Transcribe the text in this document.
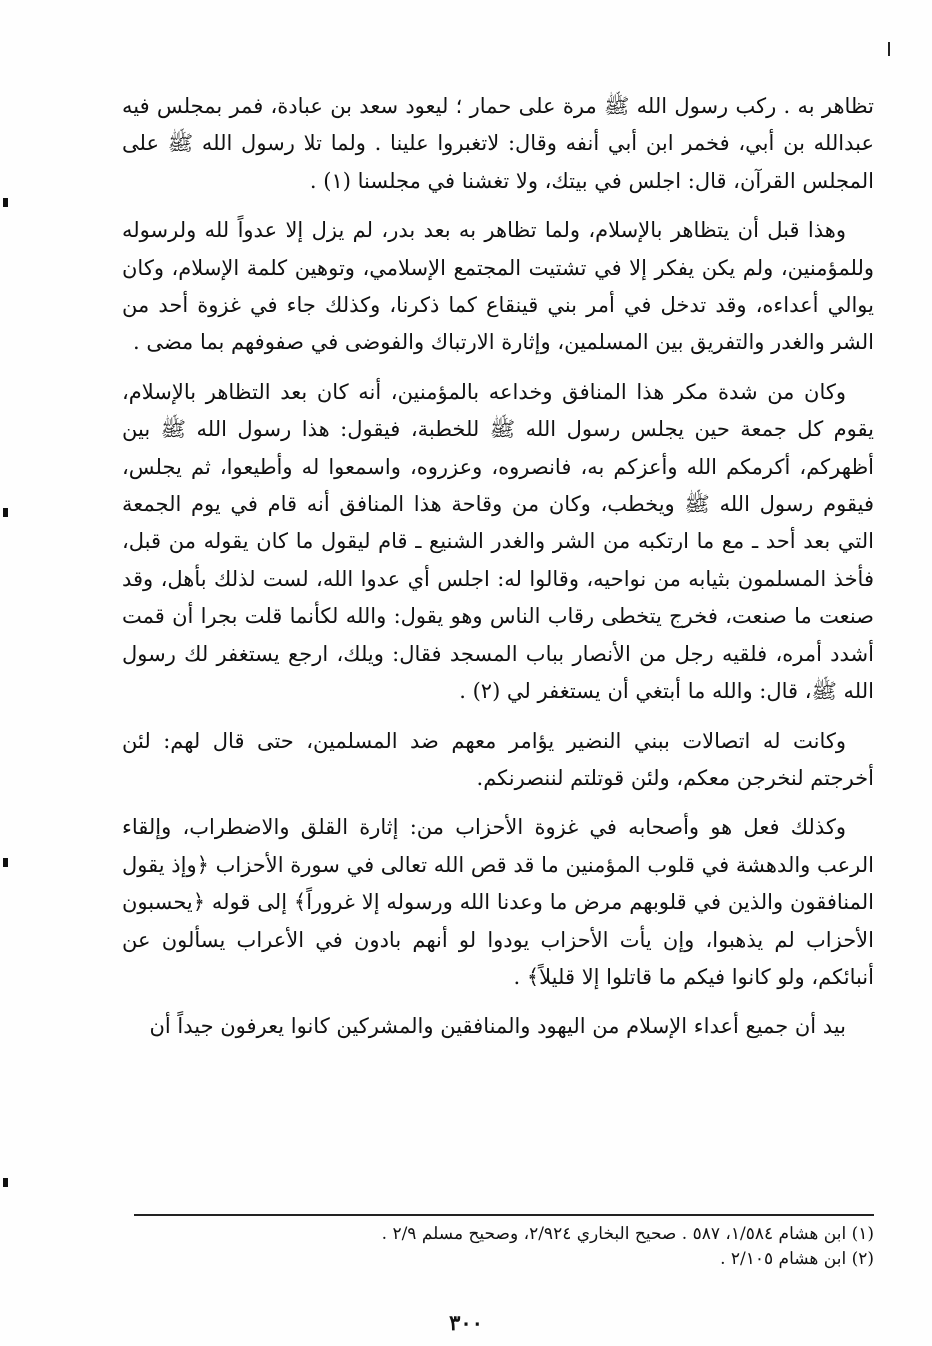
تظاهر به . ركب رسول الله ﷺ مرة على حمار ؛ ليعود سعد بن عبادة، فمر بمجلس فيه عبدالله بن أبي، فخمر ابن أبي أنفه وقال: لاتغبروا علينا . ولما تلا رسول الله ﷺ على المجلس القرآن، قال: اجلس في بيتك، ولا تغشنا في مجلسنا (١) .

وهذا قبل أن يتظاهر بالإسلام، ولما تظاهر به بعد بدر، لم يزل إلا عدواً لله ولرسوله وللمؤمنين، ولم يكن يفكر إلا في تشتيت المجتمع الإسلامي، وتوهين كلمة الإسلام، وكان يوالي أعداءه، وقد تدخل في أمر بني قينقاع كما ذكرنا، وكذلك جاء في غزوة أحد من الشر والغدر والتفريق بين المسلمين، وإثارة الارتباك والفوضى في صفوفهم بما مضى .

وكان من شدة مكر هذا المنافق وخداعه بالمؤمنين، أنه كان بعد التظاهر بالإسلام، يقوم كل جمعة حين يجلس رسول الله ﷺ للخطبة، فيقول: هذا رسول الله ﷺ بين أظهركم، أكرمكم الله وأعزكم به، فانصروه، وعزروه، واسمعوا له وأطيعوا، ثم يجلس، فيقوم رسول الله ﷺ ويخطب، وكان من وقاحة هذا المنافق أنه قام في يوم الجمعة التي بعد أحد ـ مع ما ارتكبه من الشر والغدر الشنيع ـ قام ليقول ما كان يقوله من قبل، فأخذ المسلمون بثيابه من نواحيه، وقالوا له: اجلس أي عدوا الله، لست لذلك بأهل، وقد صنعت ما صنعت، فخرج يتخطى رقاب الناس وهو يقول: والله لكأنما قلت بجرا أن قمت أشدد أمره، فلقيه رجل من الأنصار بباب المسجد فقال: ويلك، ارجع يستغفر لك رسول الله ﷺ، قال: والله ما أبتغي أن يستغفر لي (٢) .

وكانت له اتصالات ببني النضير يؤامر معهم ضد المسلمين، حتى قال لهم: لئن أخرجتم لنخرجن معكم، ولئن قوتلتم لننصرنكم.

وكذلك فعل هو وأصحابه في غزوة الأحزاب من: إثارة القلق والاضطراب، وإلقاء الرعب والدهشة في قلوب المؤمنين ما قد قص الله تعالى في سورة الأحزاب ﴿وإذ يقول المنافقون والذين في قلوبهم مرض ما وعدنا الله ورسوله إلا غروراً﴾ إلى قوله ﴿يحسبون الأحزاب لم يذهبوا، وإن يأت الأحزاب يودوا لو أنهم بادون في الأعراب يسألون عن أنبائكم، ولو كانوا فيكم ما قاتلوا إلا قليلاً﴾ .

بيد أن جميع أعداء الإسلام من اليهود والمنافقين والمشركين كانوا يعرفون جيداً أن

(١) ابن هشام ١/٥٨٤، ٥٨٧ . صحيح البخاري ٢/٩٢٤، وصحيح مسلم ٢/٩ .

(٢) ابن هشام ٢/١٠٥ .

٣٠٠
